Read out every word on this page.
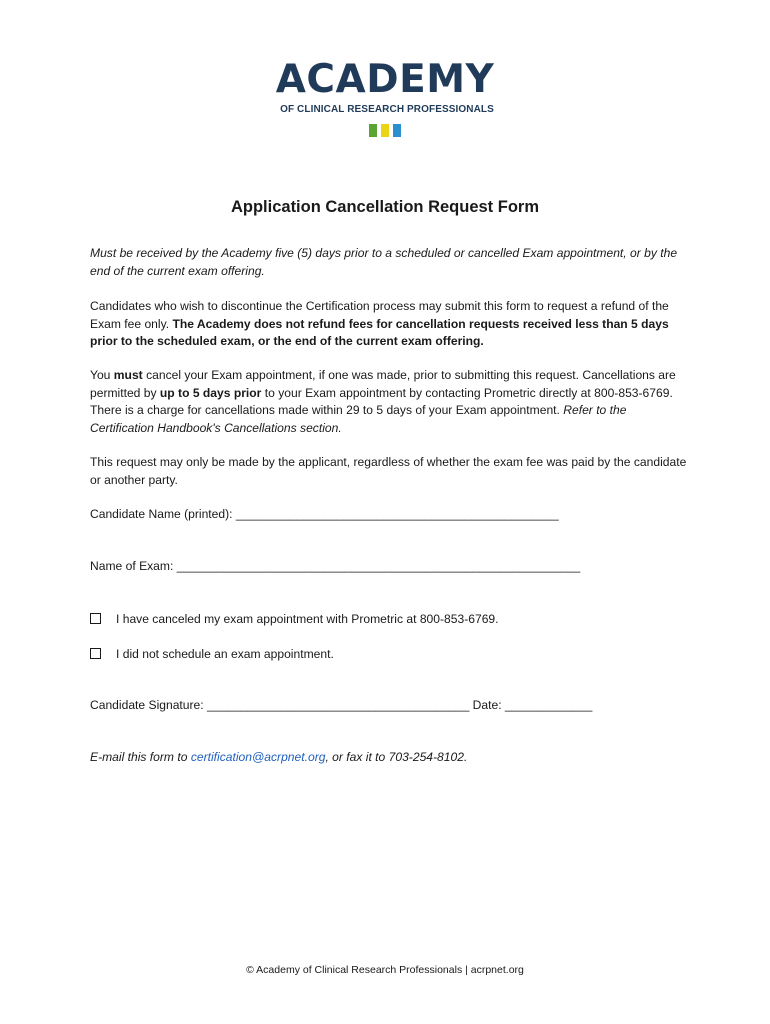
ACADEMY
OF CLINICAL RESEARCH PROFESSIONALS
Application Cancellation Request Form
Must be received by the Academy five (5) days prior to a scheduled or cancelled Exam appointment, or by the end of the current exam offering.
Candidates who wish to discontinue the Certification process may submit this form to request a refund of the Exam fee only. The Academy does not refund fees for cancellation requests received less than 5 days prior to the scheduled exam, or the end of the current exam offering.
You must cancel your Exam appointment, if one was made, prior to submitting this request. Cancellations are permitted by up to 5 days prior to your Exam appointment by contacting Prometric directly at 800-853-6769. There is a charge for cancellations made within 29 to 5 days of your Exam appointment. Refer to the Certification Handbook's Cancellations section.
This request may only be made by the applicant, regardless of whether the exam fee was paid by the candidate or another party.
Candidate Name (printed): ________________________________________________
Name of Exam: ____________________________________________________________
I have canceled my exam appointment with Prometric at 800-853-6769.
I did not schedule an exam appointment.
Candidate Signature: _______________________________________ Date: _____________
E-mail this form to certification@acrpnet.org, or fax it to 703-254-8102.
© Academy of Clinical Research Professionals | acrpnet.org
